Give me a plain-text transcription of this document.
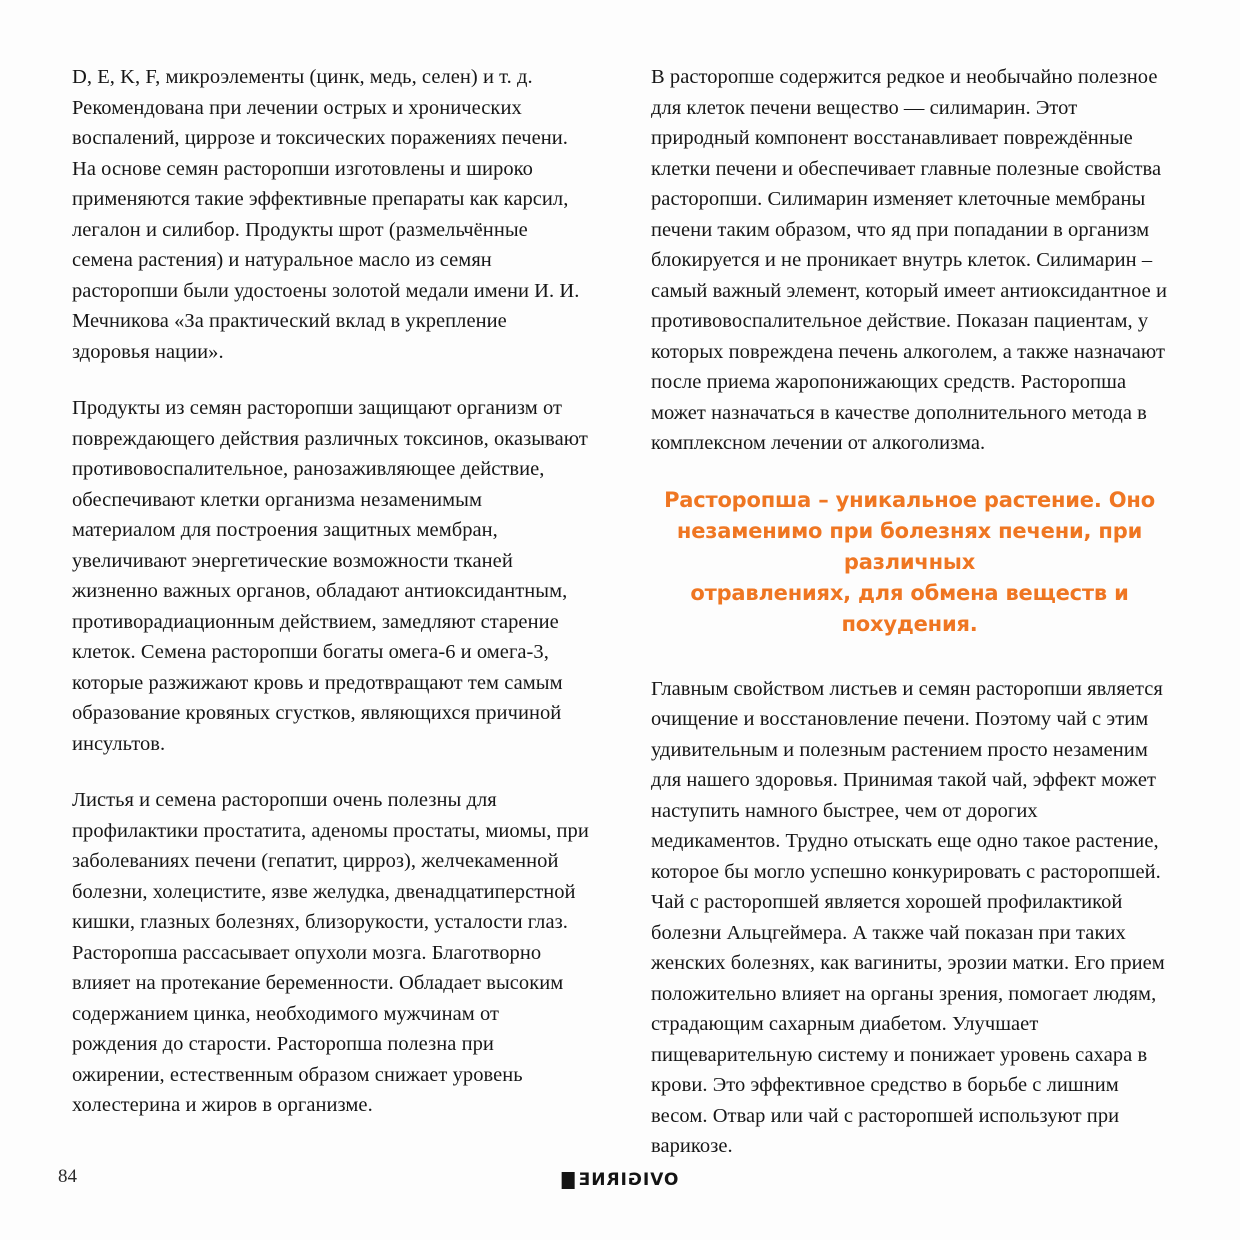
D, E, K, F, микроэлементы (цинк, медь, селен) и т. д. Рекомендована при лечении острых и хронических воспалений, циррозе и токсических поражениях печени. На основе семян расторопши изготовлены и широко применяются такие эффективные препараты как карсил, легалон и силибор. Продукты шрот (размельчённые семена растения) и натуральное масло из семян расторопши были удостоены золотой медали имени И. И. Мечникова «За практический вклад в укрепление здоровья нации».

Продукты из семян расторопши защищают организм от повреждающего действия различных токсинов, оказывают противовоспалительное, ранозаживляющее действие, обеспечивают клетки организма незаменимым материалом для построения защитных мембран, увеличивают энергетические возможности тканей жизненно важных органов, обладают антиоксидантным, противорадиационным действием, замедляют старение клеток. Семена расторопши богаты омега-6 и омега-3, которые разжижают кровь и предотвращают тем самым образование кровяных сгустков, являющихся причиной инсультов.

Листья и семена расторопши очень полезны для профилактики простатита, аденомы простаты, миомы, при заболеваниях печени (гепатит, цирроз), желчекаменной болезни, холецистите, язве желудка, двенадцатиперстной кишки, глазных болезнях, близорукости, усталости глаз. Расторопша рассасывает опухоли мозга. Благотворно влияет на протекание беременности. Обладает высоким содержанием цинка, необходимого мужчинам от рождения до старости. Расторопша полезна при ожирении, естественным образом снижает уровень холестерина и жиров в организме.

В расторопше содержится редкое и необычайно полезное для клеток печени вещество — силимарин. Этот природный компонент восстанавливает повреждённые клетки печени и обеспечивает главные полезные свойства расторопши. Силимарин изменяет клеточные мембраны печени таким образом, что яд при попадании в организм блокируется и не проникает внутрь клеток. Силимарин – самый важный элемент, который имеет антиоксидантное и противовоспалительное действие. Показан пациентам, у которых повреждена печень алкоголем, а также назначают после приема жаропонижающих средств. Расторопша может назначаться в качестве дополнительного метода в комплексном лечении от алкоголизма.

Расторопша – уникальное растение. Оно
незаменимо при болезнях печени, при различных
отравлениях, для обмена веществ и похудения.

Главным свойством листьев и семян расторопши является очищение и восстановление печени. Поэтому чай с этим удивительным и полезным растением просто незаменим для нашего здоровья. Принимая такой чай, эффект может наступить намного быстрее, чем от дорогих медикаментов. Трудно отыскать еще одно такое растение, которое бы могло успешно конкурировать с расторопшей. Чай с расторопшей является хорошей профилактикой болезни Альцгеймера. А также чай показан при таких женских болезнях, как вагиниты, эрозии матки. Его прием положительно влияет на органы зрения, помогает людям, страдающим сахарным диабетом. Улучшает пищеварительную систему и понижает уровень сахара в крови. Это эффективное средство в борьбе с лишним весом. Отвар или чай с расторопшей используют при варикозе.

84	OVIGIRNE
